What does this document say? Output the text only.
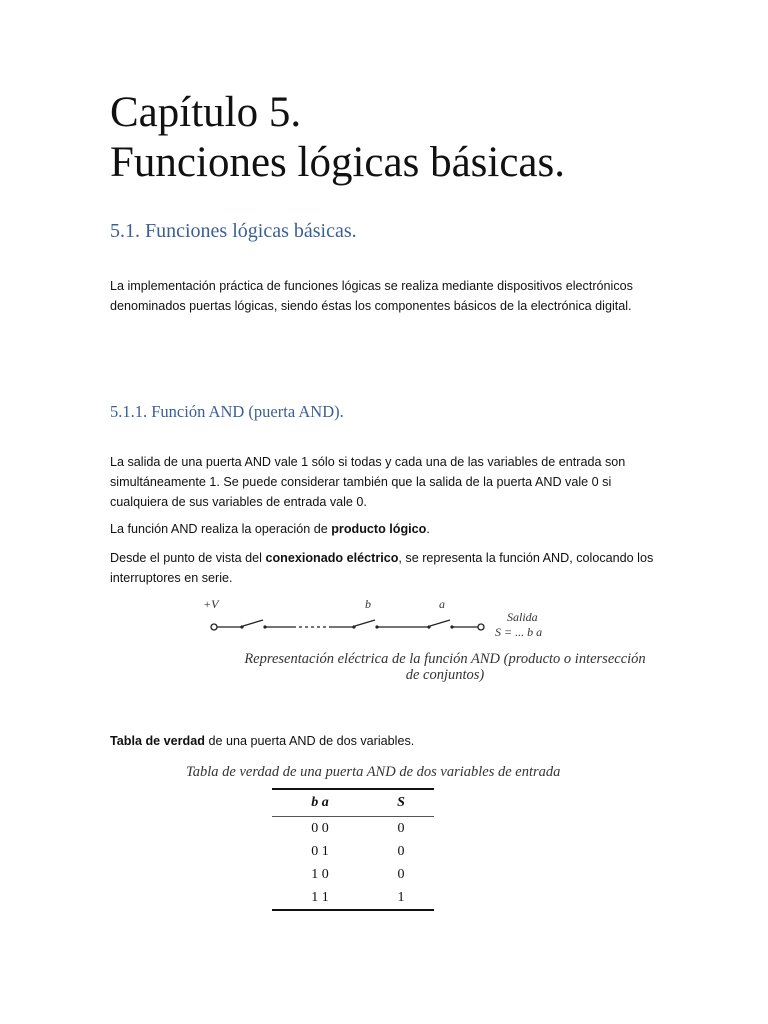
Capítulo 5.
Funciones lógicas básicas.
5.1. Funciones lógicas básicas.

La implementación práctica de funciones lógicas se realiza mediante dispositivos electrónicos denominados puertas lógicas, siendo éstas los componentes básicos de la electrónica digital.

5.1.1. Función AND (puerta AND).

La salida de una puerta AND vale 1 sólo si todas y cada una de las variables de entrada son simultáneamente 1. Se puede considerar también que la salida de la puerta AND vale 0 si cualquiera de sus variables de entrada vale 0.

La función AND realiza la operación de producto lógico.

Desde el punto de vista del conexionado eléctrico, se representa la función AND, colocando los interruptores en serie.

+V	b	a
Salida
S = ... b a

Representación eléctrica de la función AND (producto o intersección de conjuntos)

Tabla de verdad de una puerta AND de dos variables.

Tabla de verdad de una puerta AND de dos variables de entrada

b a	S
0 0	0
0 1	0
1 0	0
1 1	1
